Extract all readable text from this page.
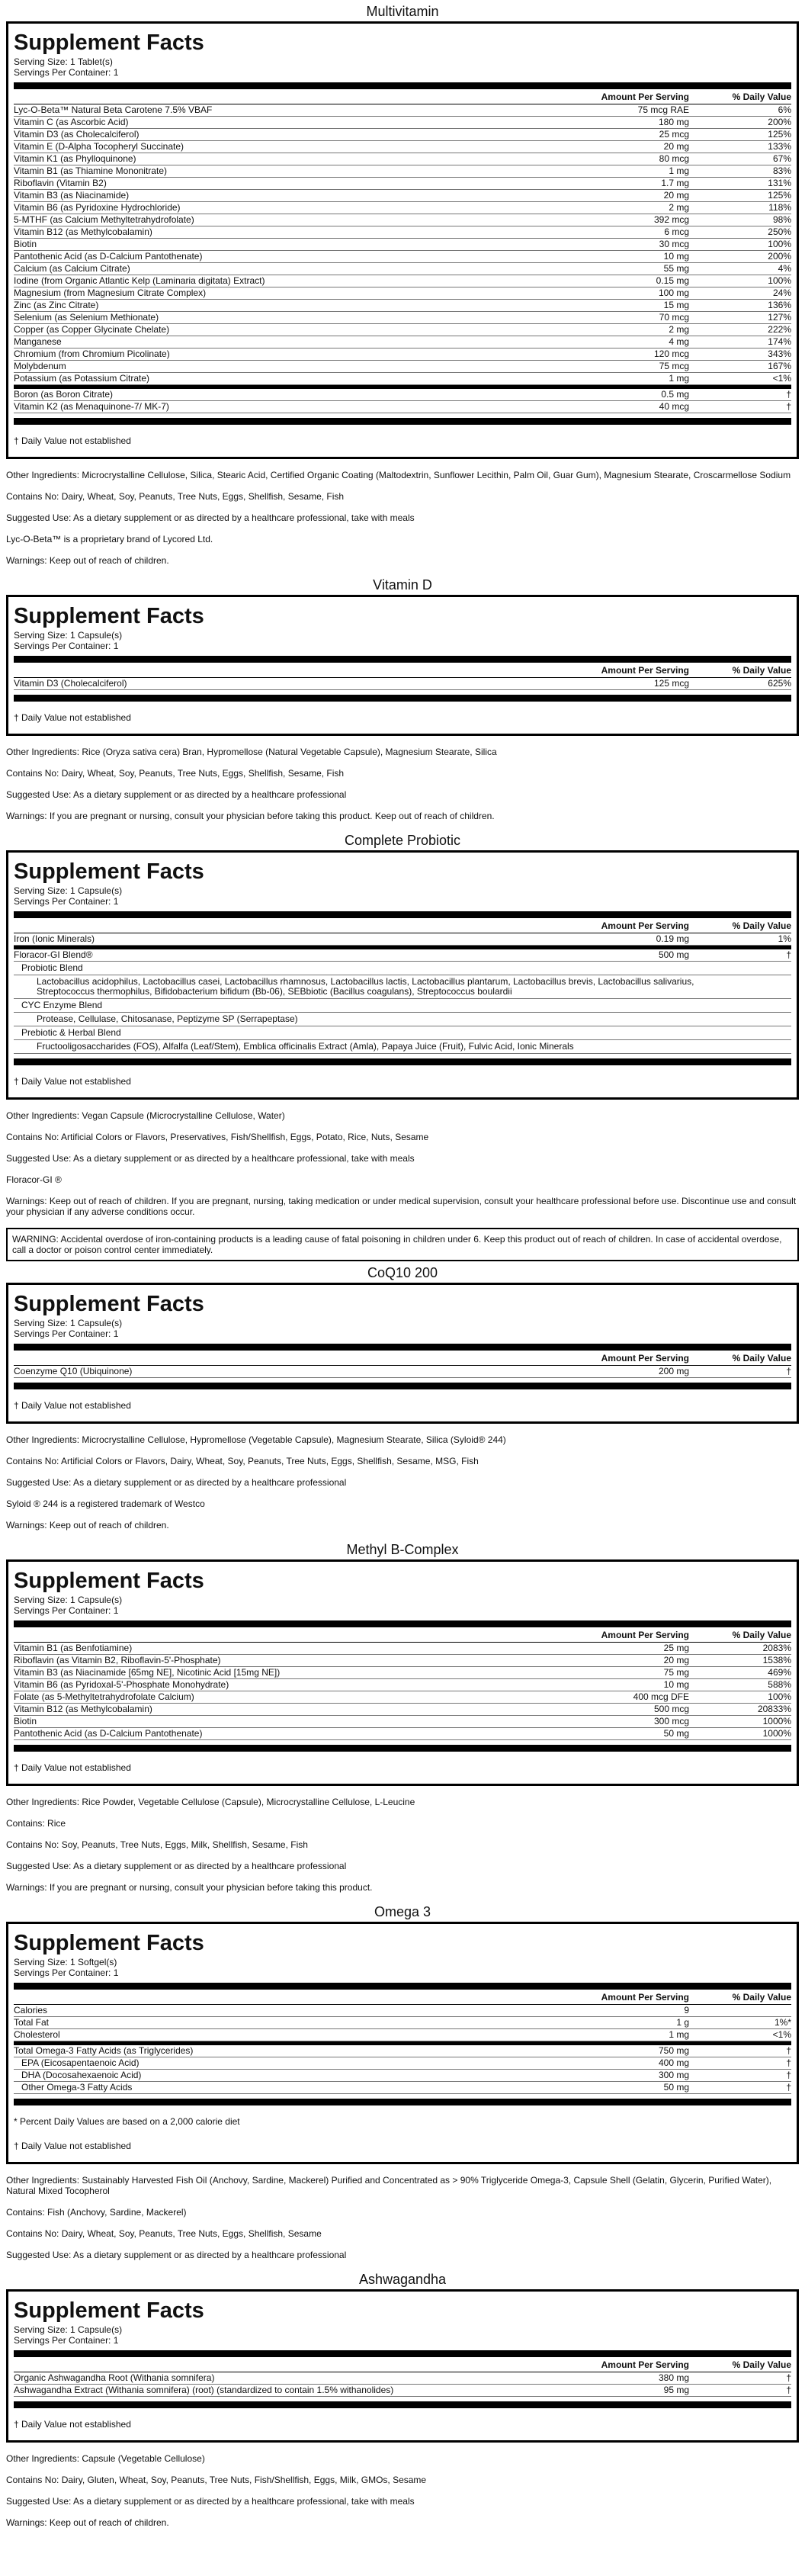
Multivitamin
Supplement Facts
Serving Size: 1 Tablet(s)
Servings Per Container: 1
Amount Per Serving	% Daily Value
Lyc-O-Beta™ Natural Beta Carotene 7.5% VBAF	75 mcg RAE	6%
Vitamin C (as Ascorbic Acid)	180 mg	200%
Vitamin D3 (as Cholecalciferol)	25 mcg	125%
Vitamin E (D-Alpha Tocopheryl Succinate)	20 mg	133%
Vitamin K1 (as Phylloquinone)	80 mcg	67%
Vitamin B1 (as Thiamine Mononitrate)	1 mg	83%
Riboflavin (Vitamin B2)	1.7 mg	131%
Vitamin B3 (as Niacinamide)	20 mg	125%
Vitamin B6 (as Pyridoxine Hydrochloride)	2 mg	118%
5-MTHF (as Calcium Methyltetrahydrofolate)	392 mcg	98%
Vitamin B12 (as Methylcobalamin)	6 mcg	250%
Biotin	30 mcg	100%
Pantothenic Acid (as D-Calcium Pantothenate)	10 mg	200%
Calcium (as Calcium Citrate)	55 mg	4%
Iodine (from Organic Atlantic Kelp (Laminaria digitata) Extract)	0.15 mg	100%
Magnesium (from Magnesium Citrate Complex)	100 mg	24%
Zinc (as Zinc Citrate)	15 mg	136%
Selenium (as Selenium Methionate)	70 mcg	127%
Copper (as Copper Glycinate Chelate)	2 mg	222%
Manganese	4 mg	174%
Chromium (from Chromium Picolinate)	120 mcg	343%
Molybdenum	75 mcg	167%
Potassium (as Potassium Citrate)	1 mg	<1%
Boron (as Boron Citrate)	0.5 mg	†
Vitamin K2 (as Menaquinone-7/ MK-7)	40 mcg	†
† Daily Value not established
Other Ingredients: Microcrystalline Cellulose, Silica, Stearic Acid, Certified Organic Coating (Maltodextrin, Sunflower Lecithin, Palm Oil, Guar Gum), Magnesium Stearate, Croscarmellose Sodium
Contains No: Dairy, Wheat, Soy, Peanuts, Tree Nuts, Eggs, Shellfish, Sesame, Fish
Suggested Use: As a dietary supplement or as directed by a healthcare professional, take with meals
Lyc-O-Beta™ is a proprietary brand of Lycored Ltd.
Warnings: Keep out of reach of children.
Vitamin D
Supplement Facts
Serving Size: 1 Capsule(s)
Servings Per Container: 1
Amount Per Serving	% Daily Value
Vitamin D3 (Cholecalciferol)	125 mcg	625%
† Daily Value not established
Other Ingredients: Rice (Oryza sativa cera) Bran, Hypromellose (Natural Vegetable Capsule), Magnesium Stearate, Silica
Contains No: Dairy, Wheat, Soy, Peanuts, Tree Nuts, Eggs, Shellfish, Sesame, Fish
Suggested Use: As a dietary supplement or as directed by a healthcare professional
Warnings: If you are pregnant or nursing, consult your physician before taking this product. Keep out of reach of children.
Complete Probiotic
Supplement Facts
Serving Size: 1 Capsule(s)
Servings Per Container: 1
Amount Per Serving	% Daily Value
Iron (Ionic Minerals)	0.19 mg	1%
Floracor-GI Blend®	500 mg	†
Probiotic Blend
Lactobacillus acidophilus, Lactobacillus casei, Lactobacillus rhamnosus, Lactobacillus lactis, Lactobacillus plantarum, Lactobacillus brevis, Lactobacillus salivarius, Streptococcus thermophilus, Bifidobacterium bifidum (Bb-06), SEBbiotic (Bacillus coagulans), Streptococcus boulardii
CYC Enzyme Blend
Protease, Cellulase, Chitosanase, Peptizyme SP (Serrapeptase)
Prebiotic & Herbal Blend
Fructooligosaccharides (FOS), Alfalfa (Leaf/Stem), Emblica officinalis Extract (Amla), Papaya Juice (Fruit), Fulvic Acid, Ionic Minerals
† Daily Value not established
Other Ingredients: Vegan Capsule (Microcrystalline Cellulose, Water)
Contains No: Artificial Colors or Flavors, Preservatives, Fish/Shellfish, Eggs, Potato, Rice, Nuts, Sesame
Suggested Use: As a dietary supplement or as directed by a healthcare professional, take with meals
Floracor-GI ®
Warnings: Keep out of reach of children. If you are pregnant, nursing, taking medication or under medical supervision, consult your healthcare professional before use. Discontinue use and consult your physician if any adverse conditions occur.
WARNING: Accidental overdose of iron-containing products is a leading cause of fatal poisoning in children under 6. Keep this product out of reach of children. In case of accidental overdose, call a doctor or poison control center immediately.
CoQ10 200
Supplement Facts
Serving Size: 1 Capsule(s)
Servings Per Container: 1
Amount Per Serving	% Daily Value
Coenzyme Q10 (Ubiquinone)	200 mg	†
† Daily Value not established
Other Ingredients: Microcrystalline Cellulose, Hypromellose (Vegetable Capsule), Magnesium Stearate, Silica (Syloid® 244)
Contains No: Artificial Colors or Flavors, Dairy, Wheat, Soy, Peanuts, Tree Nuts, Eggs, Shellfish, Sesame, MSG, Fish
Suggested Use: As a dietary supplement or as directed by a healthcare professional
Syloid ® 244 is a registered trademark of Westco
Warnings: Keep out of reach of children.
Methyl B-Complex
Supplement Facts
Serving Size: 1 Capsule(s)
Servings Per Container: 1
Amount Per Serving	% Daily Value
Vitamin B1 (as Benfotiamine)	25 mg	2083%
Riboflavin (as Vitamin B2, Riboflavin-5'-Phosphate)	20 mg	1538%
Vitamin B3 (as Niacinamide [65mg NE], Nicotinic Acid [15mg NE])	75 mg	469%
Vitamin B6 (as Pyridoxal-5'-Phosphate Monohydrate)	10 mg	588%
Folate (as 5-Methyltetrahydrofolate Calcium)	400 mcg DFE	100%
Vitamin B12 (as Methylcobalamin)	500 mcg	20833%
Biotin	300 mcg	1000%
Pantothenic Acid (as D-Calcium Pantothenate)	50 mg	1000%
† Daily Value not established
Other Ingredients: Rice Powder, Vegetable Cellulose (Capsule), Microcrystalline Cellulose, L-Leucine
Contains: Rice
Contains No: Soy, Peanuts, Tree Nuts, Eggs, Milk, Shellfish, Sesame, Fish
Suggested Use: As a dietary supplement or as directed by a healthcare professional
Warnings: If you are pregnant or nursing, consult your physician before taking this product.
Omega 3
Supplement Facts
Serving Size: 1 Softgel(s)
Servings Per Container: 1
Amount Per Serving	% Daily Value
Calories	9
Total Fat	1 g	1%*
Cholesterol	1 mg	<1%
Total Omega-3 Fatty Acids (as Triglycerides)	750 mg	†
EPA (Eicosapentaenoic Acid)	400 mg	†
DHA (Docosahexaenoic Acid)	300 mg	†
Other Omega-3 Fatty Acids	50 mg	†
* Percent Daily Values are based on a 2,000 calorie diet
† Daily Value not established
Other Ingredients: Sustainably Harvested Fish Oil (Anchovy, Sardine, Mackerel) Purified and Concentrated as > 90% Triglyceride Omega-3, Capsule Shell (Gelatin, Glycerin, Purified Water), Natural Mixed Tocopherol
Contains: Fish (Anchovy, Sardine, Mackerel)
Contains No: Dairy, Wheat, Soy, Peanuts, Tree Nuts, Eggs, Shellfish, Sesame
Suggested Use: As a dietary supplement or as directed by a healthcare professional
Ashwagandha
Supplement Facts
Serving Size: 1 Capsule(s)
Servings Per Container: 1
Amount Per Serving	% Daily Value
Organic Ashwagandha Root (Withania somnifera)	380 mg	†
Ashwagandha Extract (Withania somnifera) (root) (standardized to contain 1.5% withanolides)	95 mg	†
† Daily Value not established
Other Ingredients: Capsule (Vegetable Cellulose)
Contains No: Dairy, Gluten, Wheat, Soy, Peanuts, Tree Nuts, Fish/Shellfish, Eggs, Milk, GMOs, Sesame
Suggested Use: As a dietary supplement or as directed by a healthcare professional, take with meals
Warnings: Keep out of reach of children.
